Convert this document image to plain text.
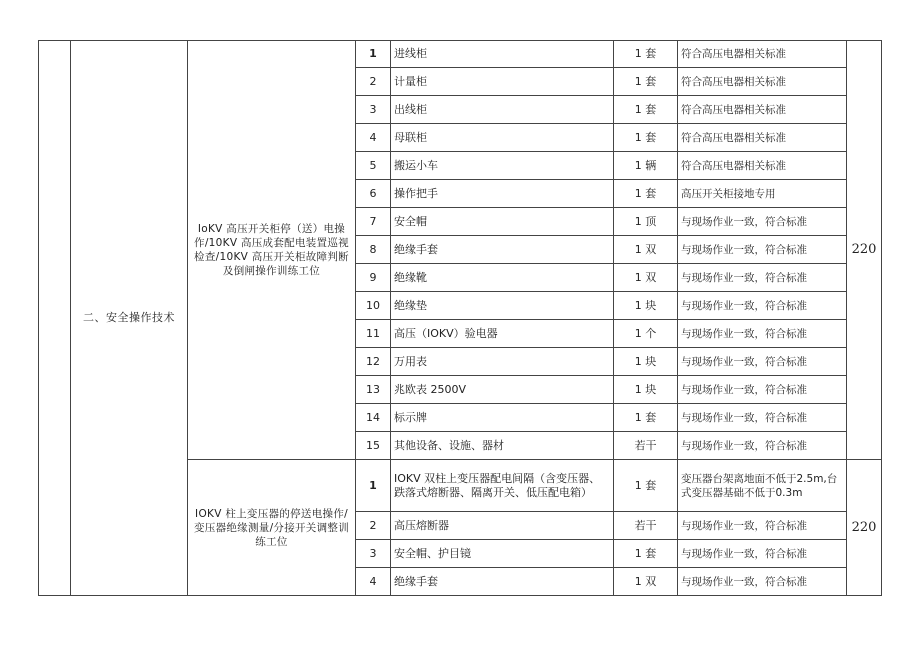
	二、安全操作技术	IoKV 高压开关柜停（送）电操作/10KV 高压成套配电装置巡视检查/10KV 高压开关柜故障判断及倒闸操作训练工位	1	进线柜	1 套	符合高压电器相关标准	220
			2	计量柜	1 套	符合高压电器相关标准	
			3	出线柜	1 套	符合高压电器相关标准	
			4	母联柜	1 套	符合高压电器相关标准	
			5	搬运小车	1 辆	符合高压电器相关标准	
			6	操作把手	1 套	高压开关柜接地专用	
			7	安全帽	1 顶	与现场作业一致，符合标准	
			8	绝缘手套	1 双	与现场作业一致，符合标准	
			9	绝缘靴	1 双	与现场作业一致，符合标准	
			10	绝缘垫	1 块	与现场作业一致，符合标准	
			11	高压（IOKV）验电器	1 个	与现场作业一致，符合标准	
			12	万用表	1 块	与现场作业一致，符合标准	
			13	兆欧表 2500V	1 块	与现场作业一致，符合标准	
			14	标示牌	1 套	与现场作业一致，符合标准	
			15	其他设备、设施、器材	若干	与现场作业一致，符合标准	
		IOKV 柱上变压器的停送电操作/变压器绝缘测量/分接开关调整训练工位	1	IOKV 双柱上变压器配电间隔（含变压器、跌落式熔断器、隔离开关、低压配电箱）	1 套	变压器台架离地面不低于2.5m,台式变压器基础不低于0.3m	220
			2	高压熔断器	若干	与现场作业一致，符合标准	
			3	安全帽、护目镜	1 套	与现场作业一致，符合标准	
			4	绝缘手套	1 双	与现场作业一致，符合标准	
